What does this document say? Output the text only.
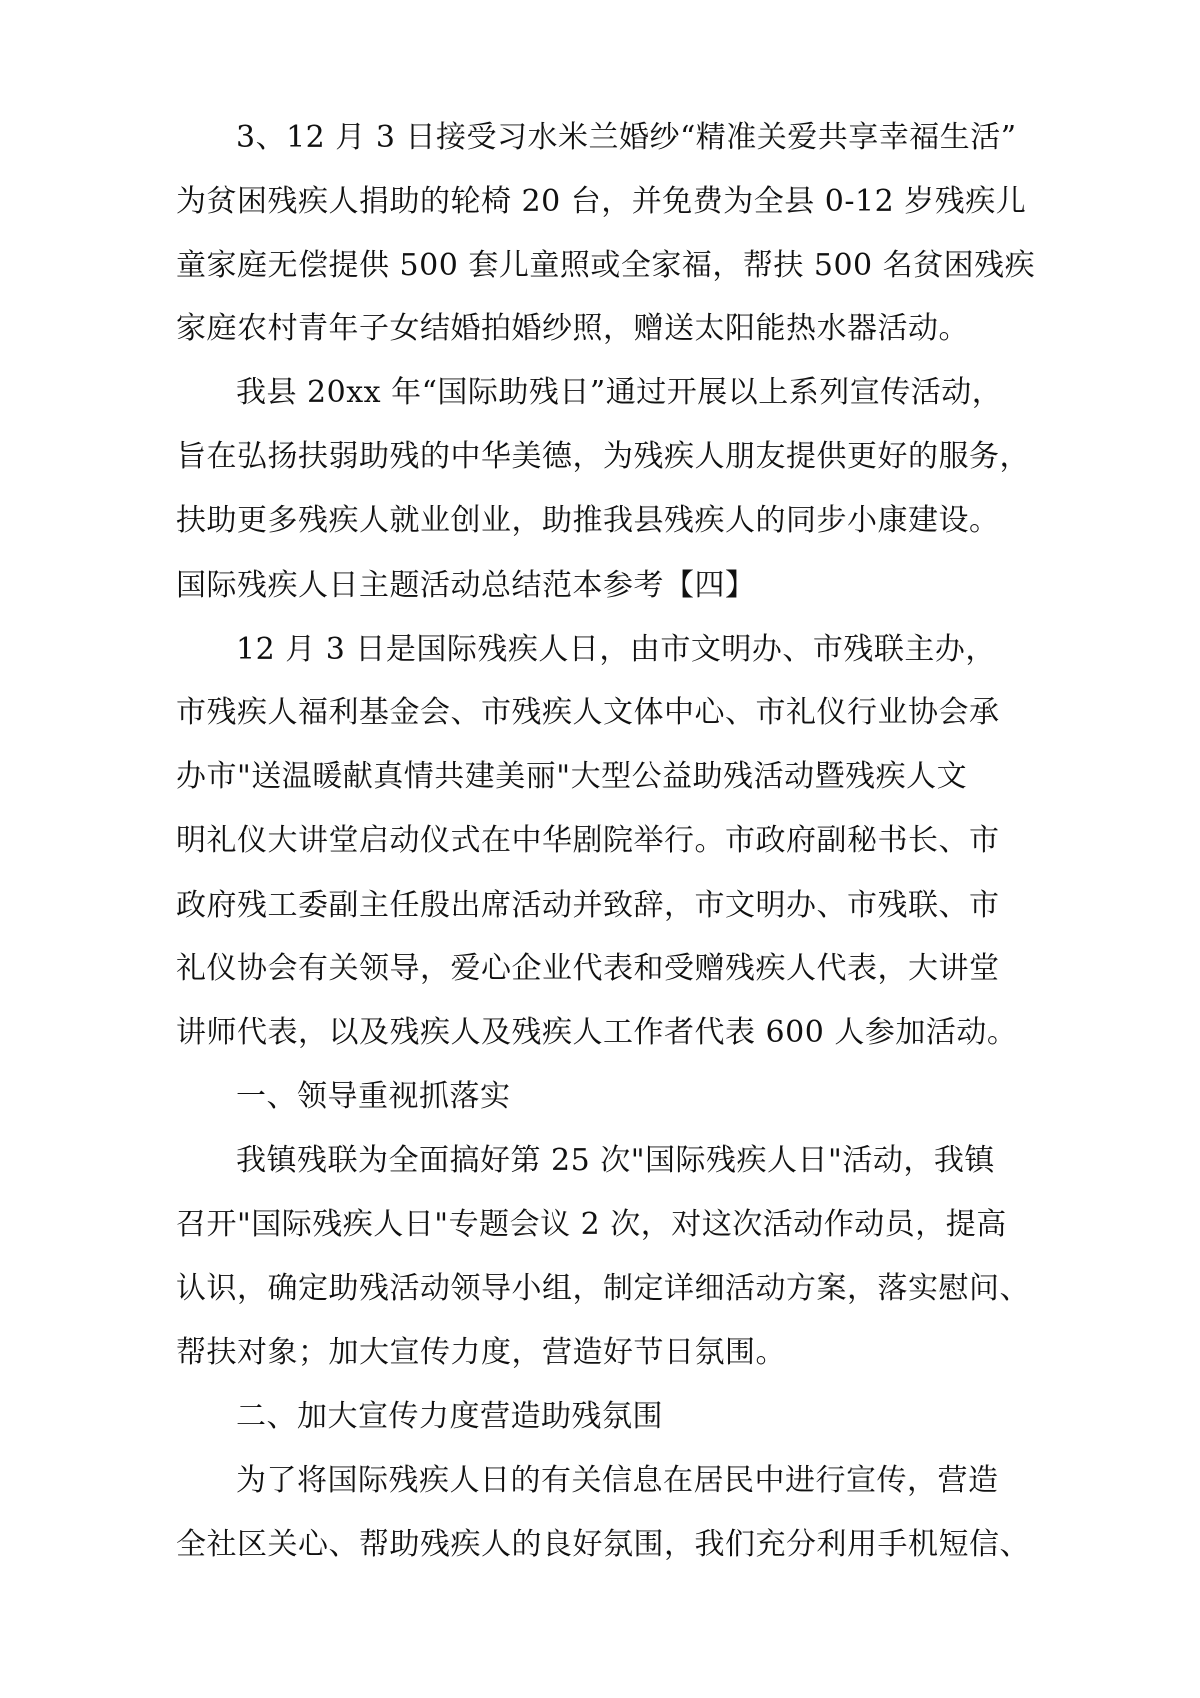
3、12 月 3 日接受习水米兰婚纱“精准关爱共享幸福生活”
为贫困残疾人捐助的轮椅 20 台，并免费为全县 0-12 岁残疾儿
童家庭无偿提供 500 套儿童照或全家福，帮扶 500 名贫困残疾
家庭农村青年子女结婚拍婚纱照，赠送太阳能热水器活动。
我县 20xx 年“国际助残日”通过开展以上系列宣传活动，
旨在弘扬扶弱助残的中华美德，为残疾人朋友提供更好的服务，
扶助更多残疾人就业创业，助推我县残疾人的同步小康建设。
国际残疾人日主题活动总结范本参考【四】
12 月 3 日是国际残疾人日，由市文明办、市残联主办，
市残疾人福利基金会、市残疾人文体中心、市礼仪行业协会承
办市"送温暖献真情共建美丽"大型公益助残活动暨残疾人文
明礼仪大讲堂启动仪式在中华剧院举行。市政府副秘书长、市
政府残工委副主任殷出席活动并致辞，市文明办、市残联、市
礼仪协会有关领导，爱心企业代表和受赠残疾人代表，大讲堂
讲师代表，以及残疾人及残疾人工作者代表 600 人参加活动。
一、领导重视抓落实
我镇残联为全面搞好第 25 次"国际残疾人日"活动，我镇
召开"国际残疾人日"专题会议 2 次，对这次活动作动员，提高
认识，确定助残活动领导小组，制定详细活动方案，落实慰问、
帮扶对象；加大宣传力度，营造好节日氛围。
二、加大宣传力度营造助残氛围
为了将国际残疾人日的有关信息在居民中进行宣传，营造
全社区关心、帮助残疾人的良好氛围，我们充分利用手机短信、
